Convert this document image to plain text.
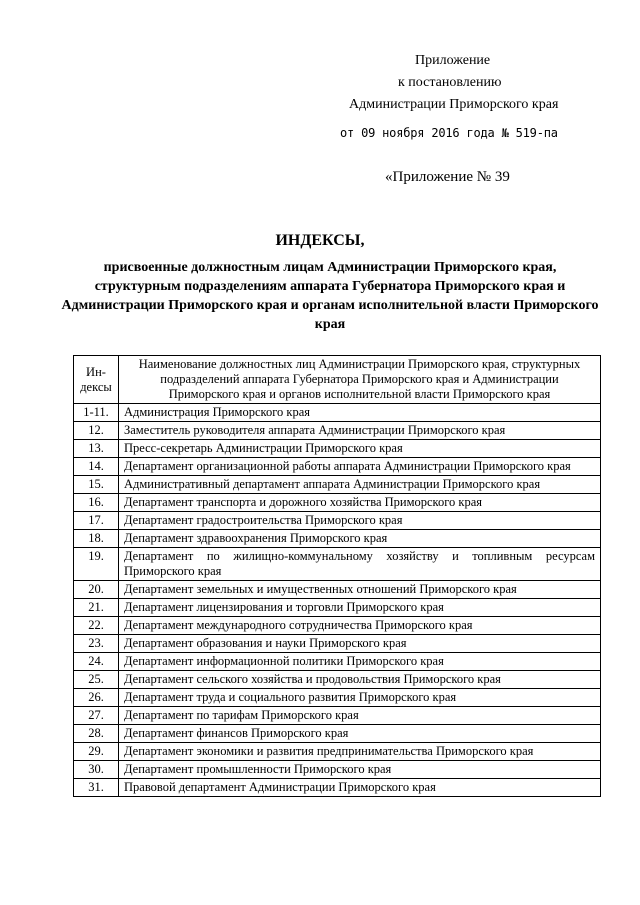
Приложение
к постановлению
Администрации Приморского края
от 09 ноября 2016 года № 519-па
«Приложение № 39
ИНДЕКСЫ,
присвоенные должностным лицам Администрации Приморского края, структурным подразделениям аппарата Губернатора Приморского края и Администрации Приморского края и органам исполнительной власти Приморского края
Ин-дексы	Наименование должностных лиц Администрации Приморского края, структурных подразделений аппарата Губернатора Приморского края и Администрации Приморского края и органов исполнительной власти Приморского края
1-11.	Администрация Приморского края
12.	Заместитель руководителя аппарата Администрации Приморского края
13.	Пресс-секретарь Администрации Приморского края
14.	Департамент организационной работы аппарата Администрации Приморского края
15.	Административный департамент аппарата Администрации Приморского края
16.	Департамент транспорта и дорожного хозяйства Приморского края
17.	Департамент градостроительства Приморского края
18.	Департамент здравоохранения Приморского края
19.	Департамент по жилищно-коммунальному хозяйству и топливным ресурсам Приморского края
20.	Департамент земельных и имущественных отношений Приморского края
21.	Департамент лицензирования и торговли Приморского края
22.	Департамент международного сотрудничества Приморского края
23.	Департамент образования и науки Приморского края
24.	Департамент информационной политики Приморского края
25.	Департамент сельского хозяйства и продовольствия Приморского края
26.	Департамент труда и социального развития Приморского края
27.	Департамент по тарифам Приморского края
28.	Департамент финансов Приморского края
29.	Департамент экономики и развития предпринимательства Приморского края
30.	Департамент промышленности Приморского края
31.	Правовой департамент Администрации Приморского края
